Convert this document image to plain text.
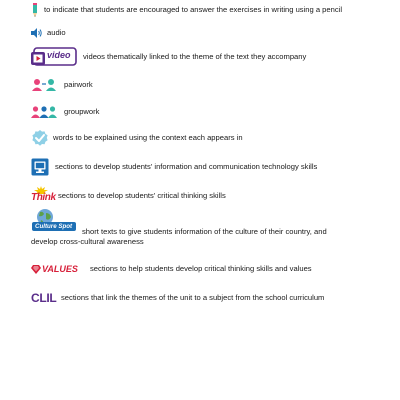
to indicate that students are encouraged to answer the exercises in writing using a pencil
audio
video videos thematically linked to the theme of the text they accompany
pairwork
groupwork
words to be explained using the context each appears in
sections to develop students' information and communication technology skills
Think sections to develop students' critical thinking skills
Culture Spot
short texts to give students information of the culture of their country, and develop cross-cultural awareness
VALUES sections to help students develop critical thinking skills and values
CLIL sections that link the themes of the unit to a subject from the school curriculum
